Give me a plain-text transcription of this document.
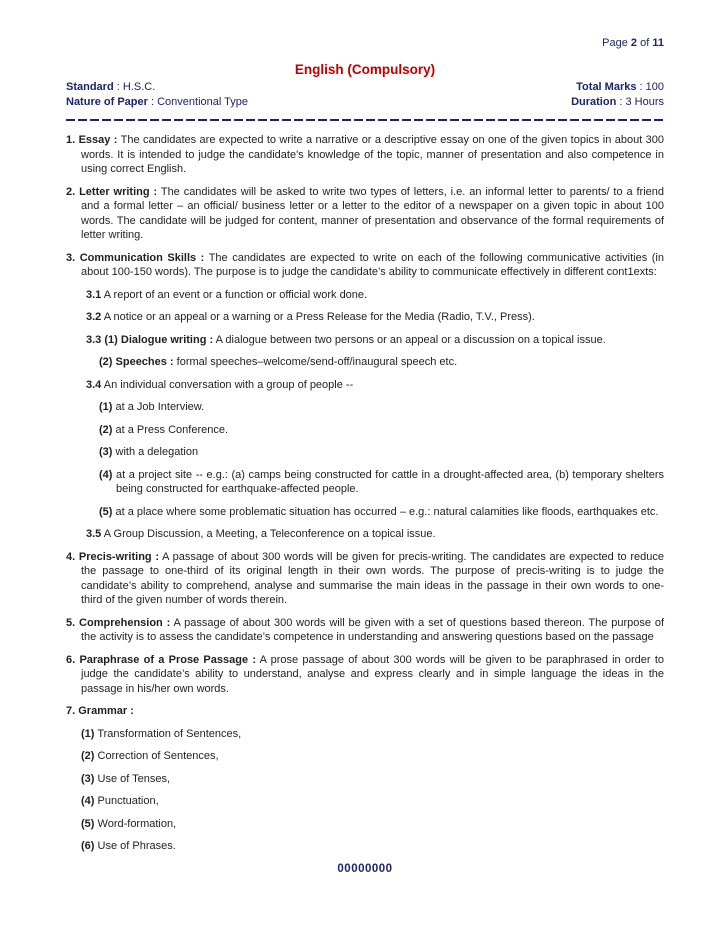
Page 2 of 11
English (Compulsory)
Standard : H.S.C.
Nature of Paper : Conventional Type
Total Marks : 100
Duration : 3 Hours
1. Essay : The candidates are expected to write a narrative or a descriptive essay on one of the given topics in about 300 words. It is intended to judge the candidate's knowledge of the topic, manner of presentation and also competence in using correct English.
2. Letter writing : The candidates will be asked to write two types of letters, i.e. an informal letter to parents/ to a friend and a formal letter – an official/ business letter or a letter to the editor of a newspaper on a given topic in about 100 words. The candidate will be judged for content, manner of presentation and observance of the formal requirements of letter writing.
3. Communication Skills : The candidates are expected to write on each of the following communicative activities (in about 100-150 words). The purpose is to judge the candidate’s ability to communicate effectively in different cont1exts:
3.1 A report of an event or a function or official work done.
3.2 A notice or an appeal or a warning or a Press Release for the Media (Radio, T.V., Press).
3.3 (1) Dialogue writing : A dialogue between two persons or an appeal or a discussion on a topical issue.
(2) Speeches : formal speeches–welcome/send-off/inaugural speech etc.
3.4 An individual conversation with a group of people --
(1) at a Job Interview.
(2) at a Press Conference.
(3) with a delegation
(4) at a project site -- e.g.: (a) camps being constructed for cattle in a drought-affected area, (b) temporary shelters being constructed for earthquake-affected people.
(5) at a place where some problematic situation has occurred – e.g.: natural calamities like floods, earthquakes etc.
3.5 A Group Discussion, a Meeting, a Teleconference on a topical issue.
4. Precis-writing : A passage of about 300 words will be given for precis-writing. The candidates are expected to reduce the passage to one-third of its original length in their own words. The purpose of precis-writing is to judge the candidate’s ability to comprehend, analyse and summarise the main ideas in the passage in their own words to one-third of the given number of words therein.
5. Comprehension : A passage of about 300 words will be given with a set of questions based thereon. The purpose of the activity is to assess the candidate’s competence in understanding and answering questions based on the passage
6. Paraphrase of a Prose Passage : A prose passage of about 300 words will be given to be paraphrased in order to judge the candidate’s ability to understand, analyse and express clearly and in simple language the ideas in the passage in his/her own words.
7. Grammar :
(1) Transformation of Sentences,
(2) Correction of Sentences,
(3) Use of Tenses,
(4) Punctuation,
(5) Word-formation,
(6) Use of Phrases.
00000000
